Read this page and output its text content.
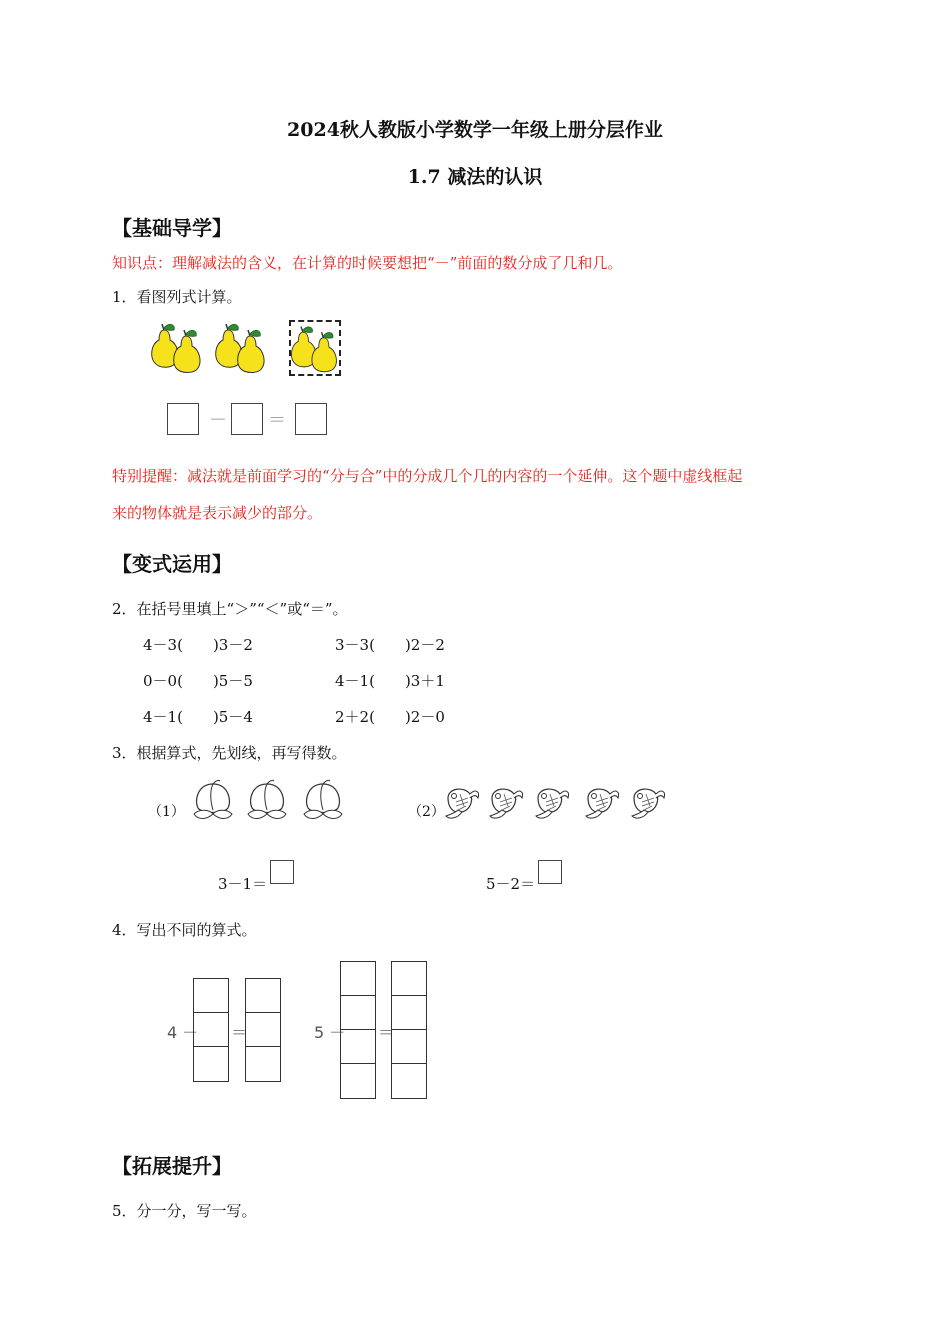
2024秋人教版小学数学一年级上册分层作业
1.7 减法的认识
【基础导学】
知识点：理解减法的含义，在计算的时候要想把“－”前面的数分成了几和几。
1．看图列式计算。
－ ＝
特别提醒：减法就是前面学习的“分与合”中的分成几个几的内容的一个延伸。这个题中虚线框起
来的物体就是表示减少的部分。
【变式运用】
2．在括号里填上“＞”“＜”或“＝”。
4－3(　　)3－2	3－3(　　)2－2
0－0(　　)5－5	4－1(　　)3＋1
4－1(　　)5－4	2＋2(　　)2－0
3．根据算式，先划线，再写得数。
（1）	（2）
3－1＝	5－2＝
4．写出不同的算式。
4 － ＝	5 － ＝
【拓展提升】
5．分一分，写一写。
